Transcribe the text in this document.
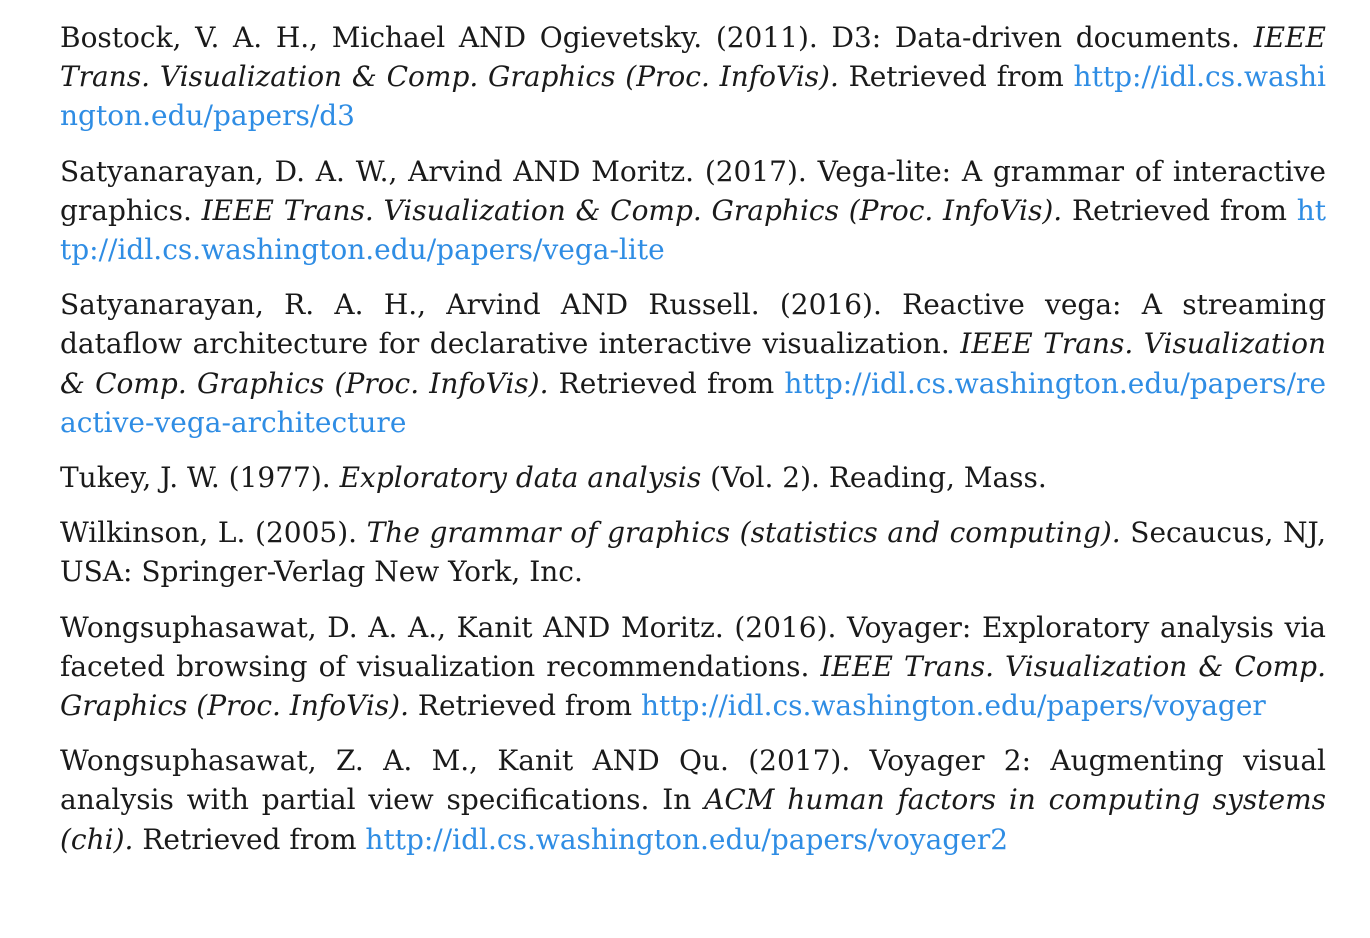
Bostock, V. A. H., Michael AND Ogievetsky. (2011). D3: Data-driven documents. IEEE Trans. Visualization & Comp. Graphics (Proc. InfoVis). Retrieved from http://idl.cs.washington.edu/papers/d3

Satyanarayan, D. A. W., Arvind AND Moritz. (2017). Vega-lite: A grammar of interactive graphics. IEEE Trans. Visualization & Comp. Graphics (Proc. InfoVis). Retrieved from http://idl.cs.washington.edu/papers/vega-lite

Satyanarayan, R. A. H., Arvind AND Russell. (2016). Reactive vega: A streaming dataflow architecture for declarative interactive visualization. IEEE Trans. Visualization & Comp. Graphics (Proc. InfoVis). Retrieved from http://idl.cs.washington.edu/papers/reactive-vega-architecture

Tukey, J. W. (1977). Exploratory data analysis (Vol. 2). Reading, Mass.

Wilkinson, L. (2005). The grammar of graphics (statistics and computing). Secaucus, NJ, USA: Springer-Verlag New York, Inc.

Wongsuphasawat, D. A. A., Kanit AND Moritz. (2016). Voyager: Exploratory analysis via faceted browsing of visualization recommendations. IEEE Trans. Visualization & Comp. Graphics (Proc. InfoVis). Retrieved from http://idl.cs.washington.edu/papers/voyager

Wongsuphasawat, Z. A. M., Kanit AND Qu. (2017). Voyager 2: Augmenting visual analysis with partial view specifications. In ACM human factors in computing systems (chi). Retrieved from http://idl.cs.washington.edu/papers/voyager2
